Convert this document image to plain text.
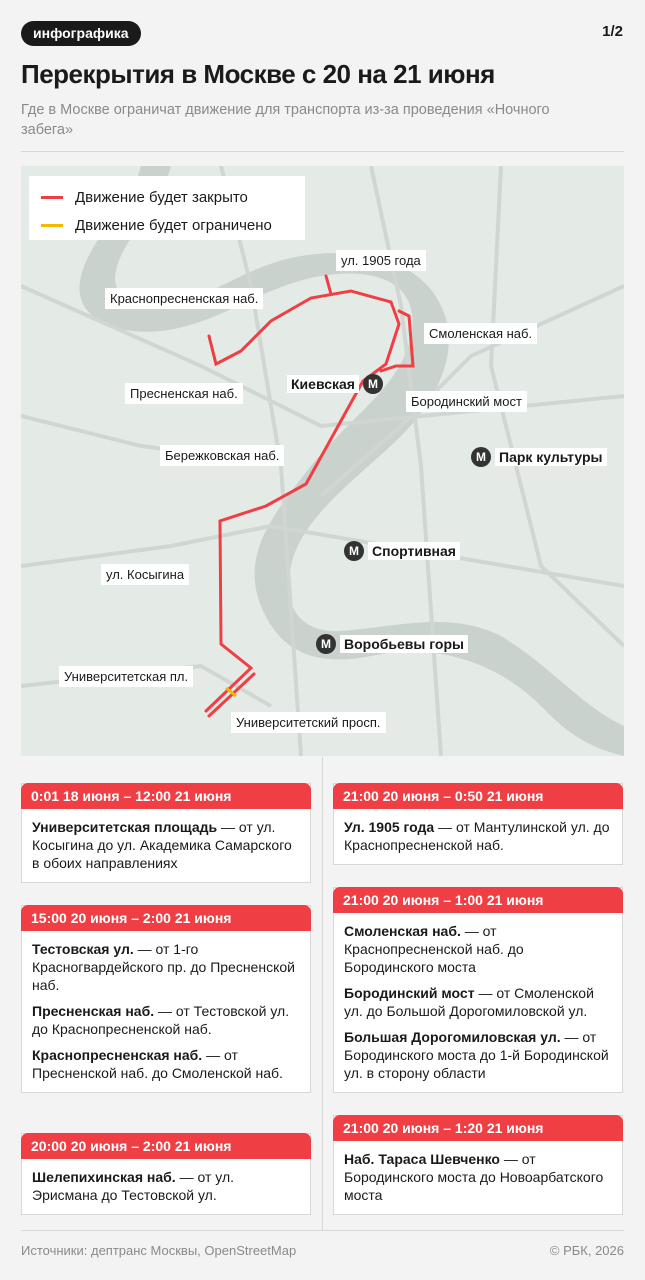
инфографика	1/2
Перекрытия в Москве с 20 на 21 июня
Где в Москве ограничат движение для транспорта из-за проведения «Ночного забега»
Движение будет закрыто
Движение будет ограничено
ул. 1905 года
Краснопресненская наб.
Смоленская наб.
Пресненская наб.
Бородинский мост
Бережковская наб.
ул. Косыгина
Университетская пл.
Университетский просп.
Киевская	М
М Парк культуры
М Спортивная
М Воробьевы горы
0:01 18 июня – 12:00 21 июня
Университетская площадь — от ул. Косыгина до ул. Академика Самарского в обоих направлениях
15:00 20 июня – 2:00 21 июня
Тестовская ул. — от 1-го Красногвардейского пр. до Пресненской наб.
Пресненская наб. — от Тестовской ул. до Краснопресненской наб.
Краснопресненская наб. — от Пресненской наб. до Смоленской наб.
20:00 20 июня – 2:00 21 июня
Шелепихинская наб. — от ул. Эрисмана до Тестовской ул.
21:00 20 июня – 0:50 21 июня
Ул. 1905 года — от Мантулинской ул. до Краснопресненской наб.
21:00 20 июня – 1:00 21 июня
Смоленская наб. — от Краснопресненской наб. до Бородинского моста
Бородинский мост — от Смоленской ул. до Большой Дорогомиловской ул.
Большая Дорогомиловская ул. — от Бородинского моста до 1-й Бородинской ул. в сторону области
21:00 20 июня – 1:20 21 июня
Наб. Тараса Шевченко — от Бородинского моста до Новоарбатского моста
Источники: дептранс Москвы, OpenStreetMap	© РБК, 2026
